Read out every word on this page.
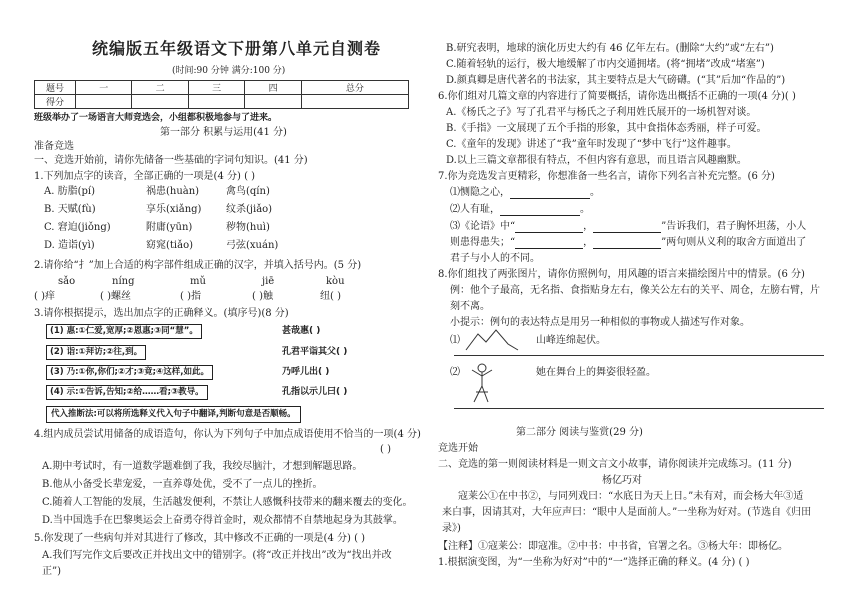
统编版五年级语文下册第八单元自测卷
(时间:90 分钟 满分:100 分)
题号	一	二	三	四	总分
得分					
班级举办了一场语言大师竞选会，小组都积极地参与了进来。
第一部分 积累与运用(41 分)
准备竞选
一、竞选开始前，请你先储备一些基础的字词句知识。(41 分)
1.下列加点字的读音，全部正确的一项是(4 分) ( )
A. 肪脂(pí)	祸患(huàn)	禽鸟(qín)
B. 天赋(fù)	享乐(xiǎng) 纹杀(jiǎo)
C. 窘迫(jiǒng)	附庸(yūn)	秽物(huì)
D. 造诣(yì)	窈窕(tiǎo)	弓弦(xuán)
2.请你给“扌”加上合适的构字部件组成正确的汉字，并填入括号内。(5 分)
sǎo	níng	mǔ	jiē	kòu
( )痒	( )螺丝	( )指	( )触	纽( )
3.请你根据提示，选出加点字的正确释义。(填序号)(8 分)
(1) 惠:①仁爱,宽厚;②恩惠;③同“慧”。	甚哉惠( )
(2) 诣:①拜访;②往,到。	孔君平诣其父( )
(3) 乃:①你,你们;②才;③竟;④这样,如此。	乃呼儿出( )
(4) 示:①告诉,告知;②给……看;③教导。	孔指以示儿曰( )
代入推断法:可以将所选释义代入句子中翻译,判断句意是否顺畅。
4.组内成员尝试用储备的成语造句，你认为下列句子中加点成语使用不恰当的一项(4 分)
( )
A.期中考试时，有一道数学题难倒了我，我绞尽脑汁，才想到解题思路。
B.他从小备受长辈宠爱，一直养尊处优，受不了一点儿的挫折。
C.随着人工智能的发展，生活越发便利，不禁让人感慨科技带来的翻来覆去的变化。
D.当中国选手在巴黎奥运会上奋勇夺得首金时，观众都情不自禁地起身为其鼓掌。
5.你发现了一些病句并对其进行了修改，其中修改不正确的一项是(4 分) ( )
A.我们写完作文后要改正并找出文中的错别字。(将“改正并找出”改为“找出并改
正”)
B.研究表明，地球的演化历史大约有 46 亿年左右。(删除“大约”或“左右”)
C.随着轻轨的运行，极大地缓解了市内交通拥堵。(将“拥堵”改成“堵塞”)
D.颜真卿是唐代著名的书法家，其主要特点是大气磅礴。(“其”后加“作品的”)
6.你们组对几篇文章的内容进行了简要概括，请你选出概括不正确的一项(4 分)( )
A.《杨氏之子》写了孔君平与杨氏之子利用姓氏展开的一场机智对谈。
B.《手指》一文展现了五个手指的形象，其中食指体态秀丽，样子可爱。
C.《童年的发现》讲述了“我”童年时发现了“梦中飞行”这件趣事。
D.以上三篇文章都很有特点，不但内容有意思，而且语言风趣幽默。
7.你为竞选发言更精彩，你想准备一些名言，请你下列名言补充完整。(6 分)
⑴恻隐之心，	。
⑵人有耻，	。
⑶《论语》中“	，	”告诉我们，君子胸怀坦荡，小人
则患得患失；“	，	”两句则从义利的取舍方面道出了
君子与小人的不同。
8.你们组找了两张图片，请你仿照例句，用风趣的语言来描绘图片中的情景。(6 分)
例：他个子最高，无名指、食指贴身左右，像关公左右的关平、周仓，左膀右臂，片
刻不离。
小提示：例句的表达特点是用另一种相似的事物或人描述写作对象。
⑴	山峰连绵起伏。
⑵	她在舞台上的舞姿很轻盈。
第二部分 阅读与鉴赏(29 分)
竞选开始
二、竞选的第一则阅读材料是一则文言文小故事，请你阅读并完成练习。(11 分)
杨亿巧对
寇莱公①在中书②，与同列戏曰：“水底日为天上日。”未有对，而会杨大年③适
来白事，因请其对，大年应声曰：“眼中人是面前人。”一坐称为好对。(节选自《归田
录》)
【注释】①寇莱公：即寇准。②中书：中书省，官署之名。③杨大年：即杨亿。
1.根据演变图，为“一坐称为好对”中的“一”选择正确的释义。(4 分) ( )
